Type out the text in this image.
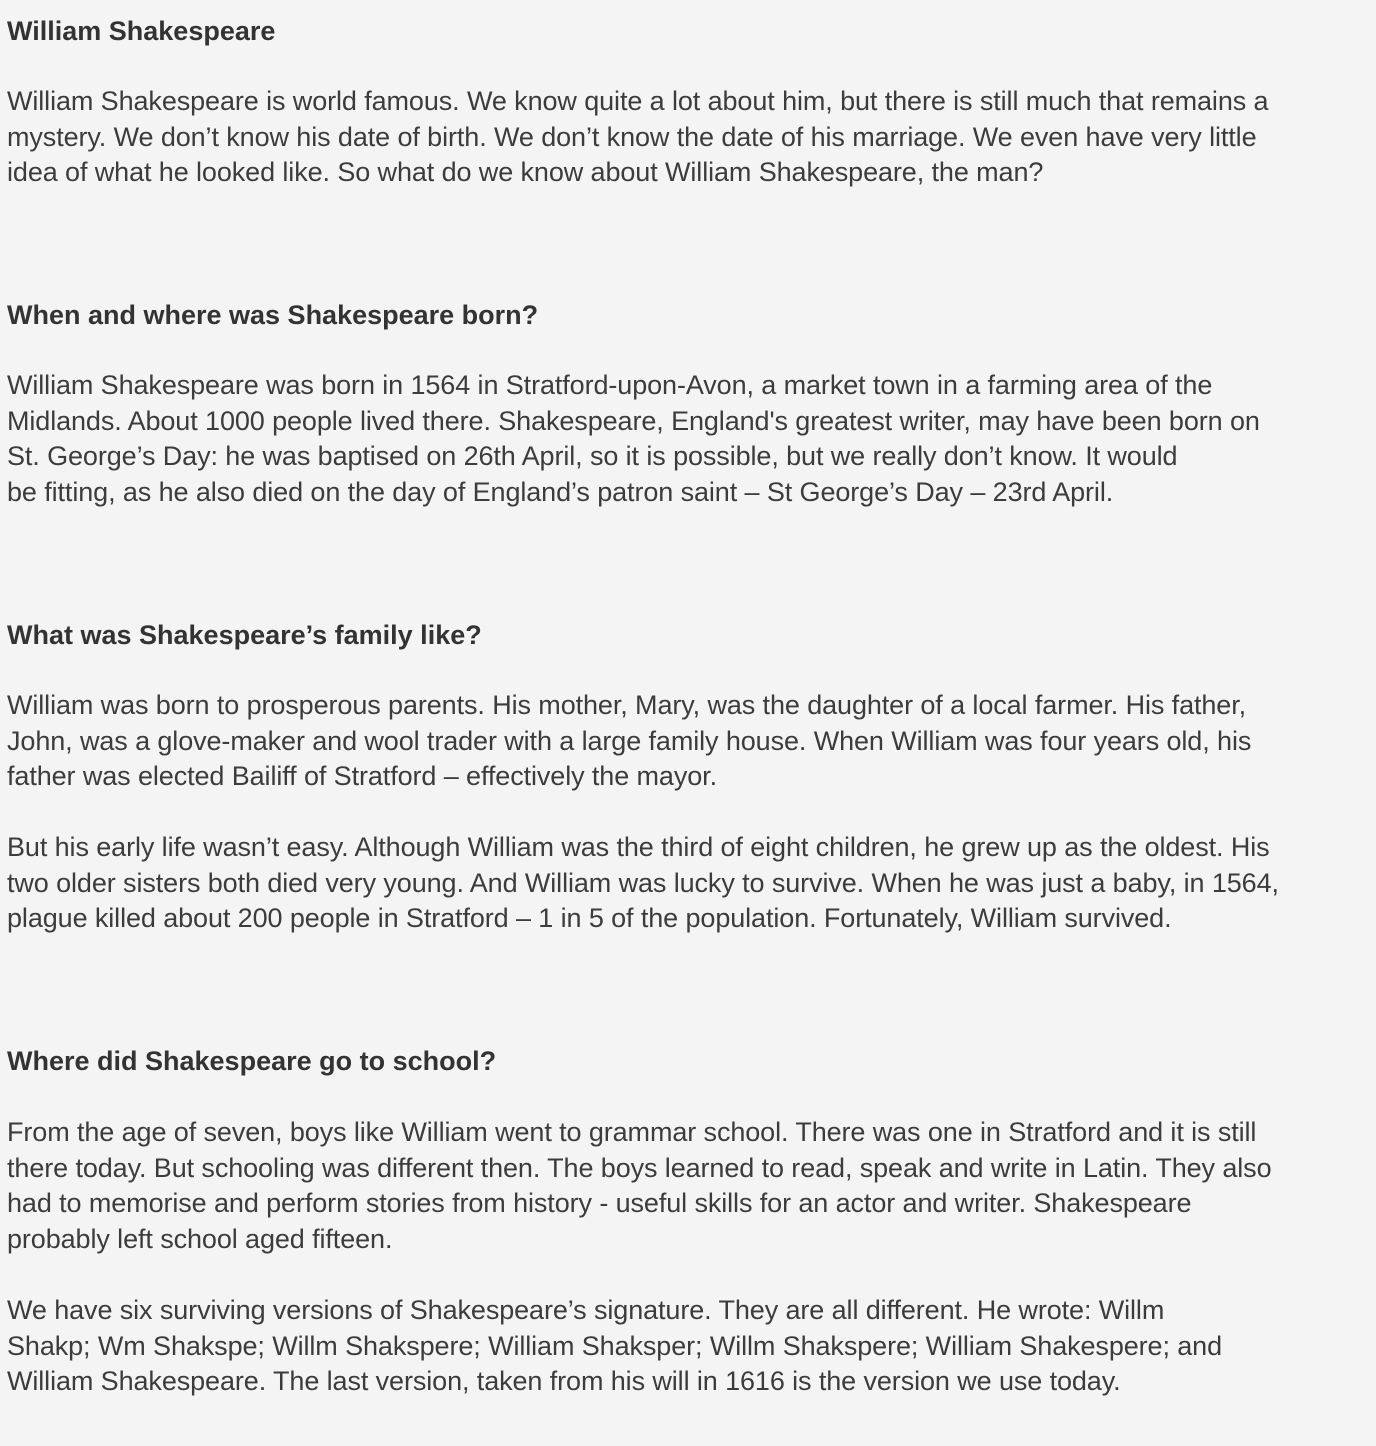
William Shakespeare

William Shakespeare is world famous. We know quite a lot about him, but there is still much that remains a
mystery. We don’t know his date of birth. We don’t know the date of his marriage. We even have very little
idea of what he looked like. So what do we know about William Shakespeare, the man?

When and where was Shakespeare born?

William Shakespeare was born in 1564 in Stratford-upon-Avon, a market town in a farming area of the
Midlands. About 1000 people lived there. Shakespeare, England's greatest writer, may have been born on
St. George’s Day: he was baptised on 26th April, so it is possible, but we really don’t know. It would
be fitting, as he also died on the day of England’s patron saint – St George’s Day – 23rd April.

What was Shakespeare’s family like?

William was born to prosperous parents. His mother, Mary, was the daughter of a local farmer. His father,
John, was a glove-maker and wool trader with a large family house. When William was four years old, his
father was elected Bailiff of Stratford – effectively the mayor.

But his early life wasn’t easy. Although William was the third of eight children, he grew up as the oldest. His
two older sisters both died very young. And William was lucky to survive. When he was just a baby, in 1564,
plague killed about 200 people in Stratford – 1 in 5 of the population. Fortunately, William survived.

Where did Shakespeare go to school?

From the age of seven, boys like William went to grammar school. There was one in Stratford and it is still
there today. But schooling was different then. The boys learned to read, speak and write in Latin. They also
had to memorise and perform stories from history - useful skills for an actor and writer. Shakespeare
probably left school aged fifteen.

We have six surviving versions of Shakespeare’s signature. They are all different. He wrote: Willm
Shakp; Wm Shakspe; Willm Shakspere; William Shaksper; Willm Shakspere; William Shakespere; and
William Shakespeare. The last version, taken from his will in 1616 is the version we use today.
